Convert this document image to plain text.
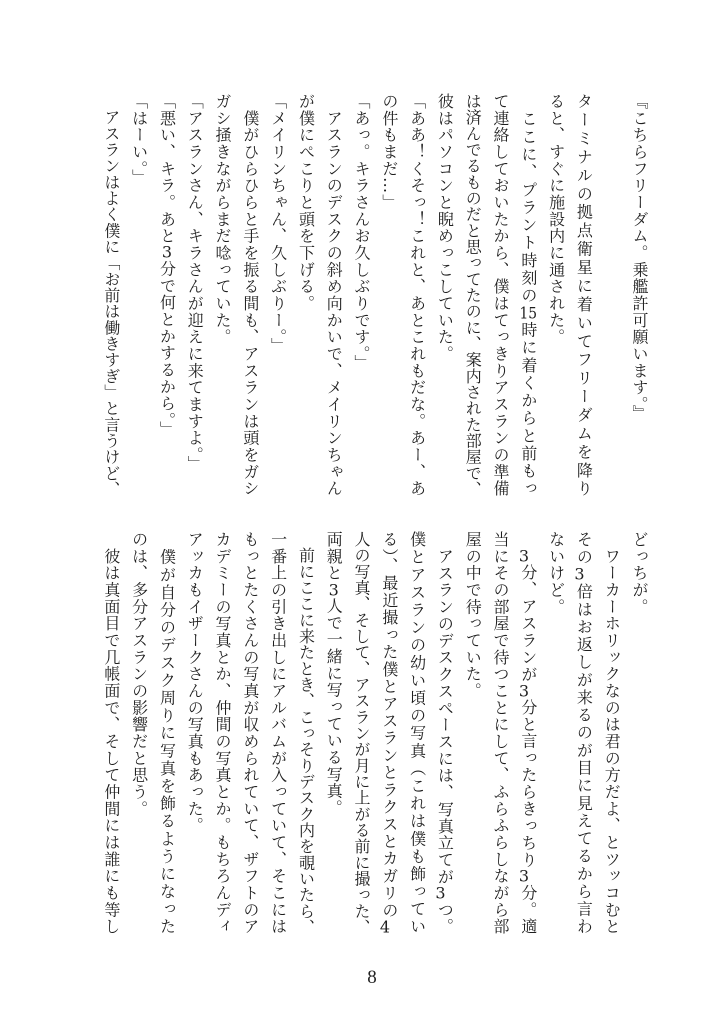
『こちらフリーダム。乗艦許可願います。』
ターミナルの拠点衛星に着いてフリーダムを降り
ると、すぐに施設内に通された。
　ここに、プラント時刻の15時に着くからと前もっ
て連絡しておいたから、僕はてっきりアスランの準備
は済んでるものだと思ってたのに、案内された部屋で、
彼はパソコンと睨めっこしていた。
「ああ！くそっ！これと、あとこれもだな。あー、あ
の件もまだ…」
「あっ。キラさんお久しぶりです。」
　アスランのデスクの斜め向かいで、メイリンちゃん
が僕にぺこりと頭を下げる。
「メイリンちゃん、久しぶりー。」
　僕がひらひらと手を振る間も、アスランは頭をガシ
ガシ掻きながらまだ唸っていた。
「アスランさん、キラさんが迎えに来てますよ。」
「悪い、キラ。あと3分で何とかするから。」
「はーい。」
　アスランはよく僕に「お前は働きすぎ」と言うけど、
どっちが。
　ワーカーホリックなのは君の方だよ、とツッコむと
その3倍はお返しが来るのが目に見えてるから言わ
ないけど。
　3分、アスランが3分と言ったらきっちり3分。適
当にその部屋で待つことにして、ふらふらしながら部
屋の中で待っていた。
　アスランのデスクスペースには、写真立てが3つ。
僕とアスランの幼い頃の写真（これは僕も飾ってい
る）、最近撮った僕とアスランとラクスとカガリの4
人の写真、そして、アスランが月に上がる前に撮った、
両親と3人で一緒に写っている写真。
　前にここに来たとき、こっそりデスク内を覗いたら、
一番上の引き出しにアルバムが入っていて、そこには
もっとたくさんの写真が収められていて、ザフトのア
カデミーの写真とか、仲間の写真とか。もちろんディ
アッカもイザークさんの写真もあった。
　僕が自分のデスク周りに写真を飾るようになった
のは、多分アスランの影響だと思う。
　彼は真面目で几帳面で、そして仲間には誰にも等し
8
